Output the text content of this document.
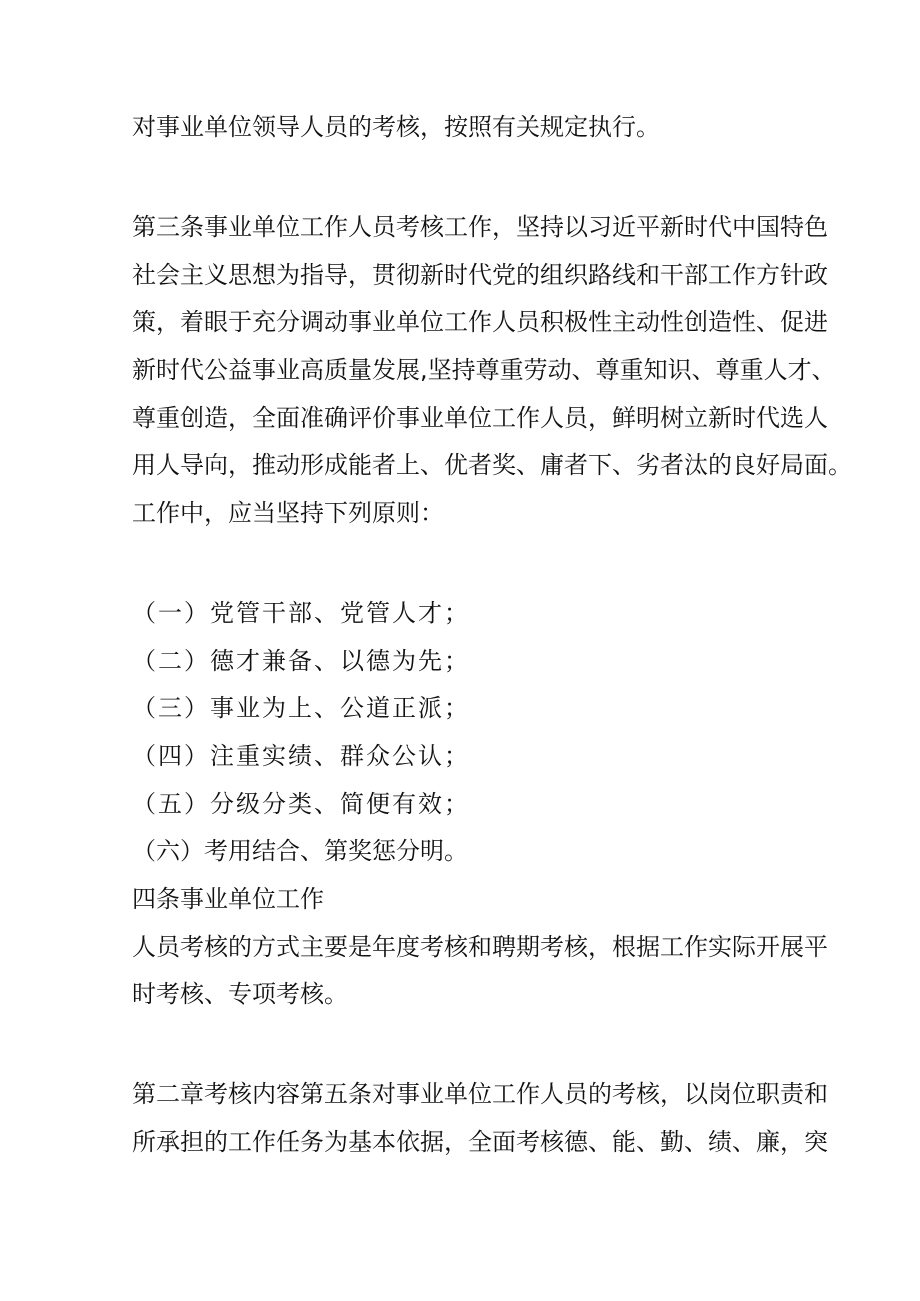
对事业单位领导人员的考核，按照有关规定执行。
第三条事业单位工作人员考核工作，坚持以习近平新时代中国特色
社会主义思想为指导，贯彻新时代党的组织路线和干部工作方针政
策，着眼于充分调动事业单位工作人员积极性主动性创造性、促进
新时代公益事业高质量发展,坚持尊重劳动、尊重知识、尊重人才、
尊重创造，全面准确评价事业单位工作人员，鲜明树立新时代选人
用人导向，推动形成能者上、优者奖、庸者下、劣者汰的良好局面。
工作中，应当坚持下列原则：
（一）党管干部、党管人才；
（二）德才兼备、以德为先；
（三）事业为上、公道正派；
（四）注重实绩、群众公认；
（五）分级分类、简便有效；
（六）考用结合、第奖惩分明。
四条事业单位工作
人员考核的方式主要是年度考核和聘期考核，根据工作实际开展平
时考核、专项考核。
第二章考核内容第五条对事业单位工作人员的考核，以岗位职责和
所承担的工作任务为基本依据，全面考核德、能、勤、绩、廉，突
